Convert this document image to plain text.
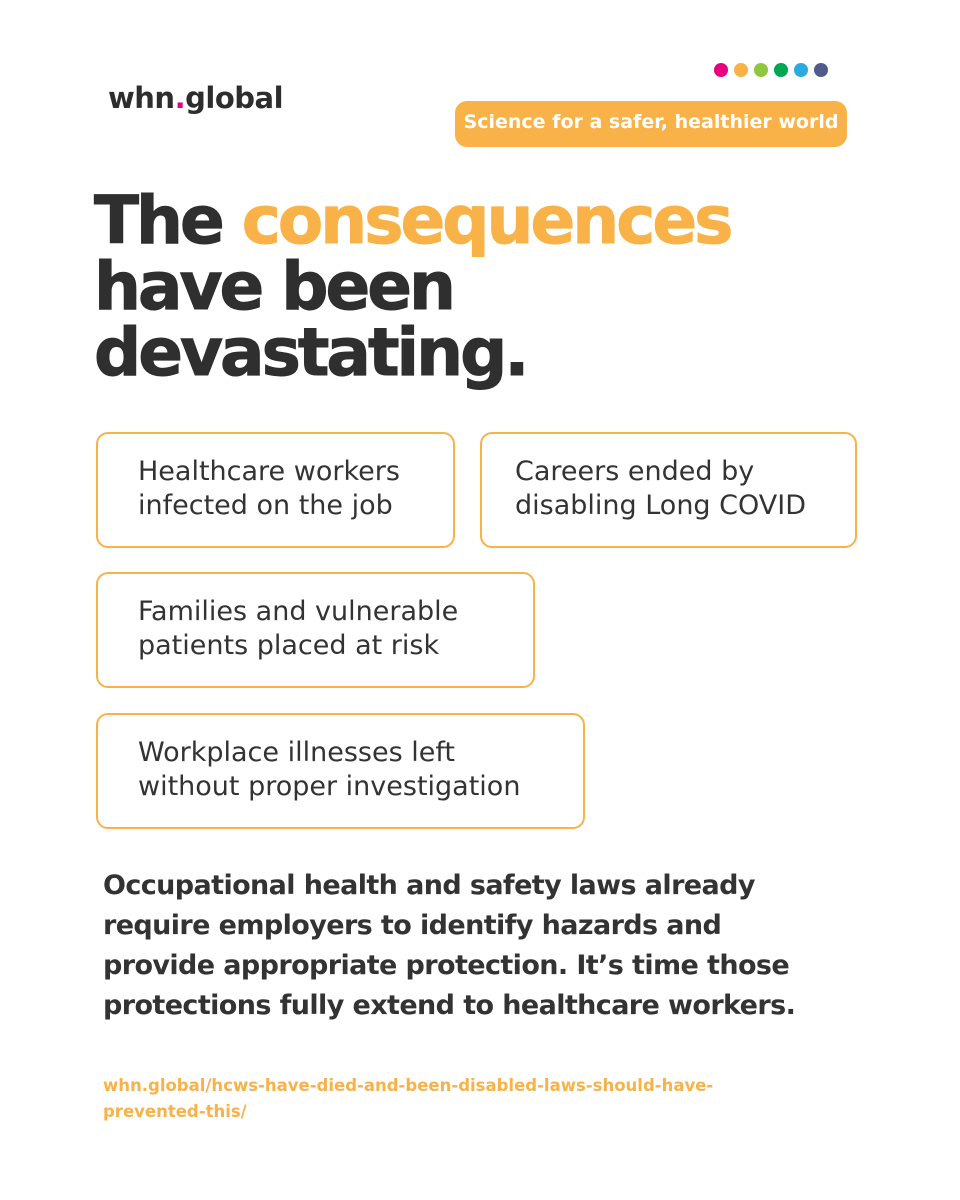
whn.global
Science for a safer, healthier world
The consequences
have been
devastating.
Healthcare workers
infected on the job
Careers ended by
disabling Long COVID
Families and vulnerable
patients placed at risk
Workplace illnesses left
without proper investigation

Occupational health and safety laws already
require employers to identify hazards and
provide appropriate protection. It’s time those
protections fully extend to healthcare workers.

whn.global/hcws-have-died-and-been-disabled-laws-should-have-
prevented-this/
